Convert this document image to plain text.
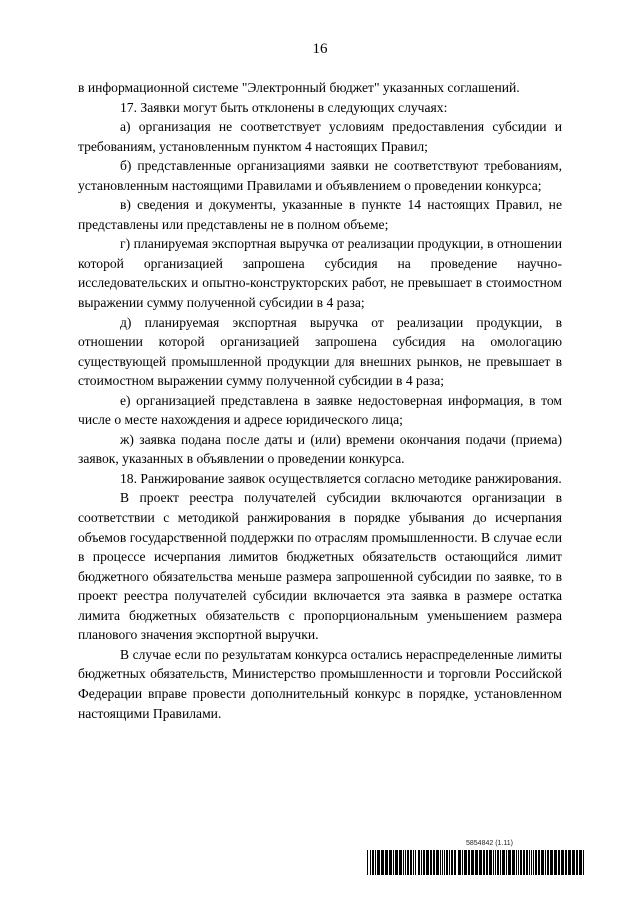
16

в информационной системе "Электронный бюджет" указанных соглашений.

17. Заявки могут быть отклонены в следующих случаях:

а) организация не соответствует условиям предоставления субсидии и требованиям, установленным пунктом 4 настоящих Правил;

б) представленные организациями заявки не соответствуют требованиям, установленным настоящими Правилами и объявлением о проведении конкурса;

в) сведения и документы, указанные в пункте 14 настоящих Правил, не представлены или представлены не в полном объеме;

г) планируемая экспортная выручка от реализации продукции, в отношении которой организацией запрошена субсидия на проведение научно-исследовательских и опытно-конструкторских работ, не превышает в стоимостном выражении сумму полученной субсидии в 4 раза;

д) планируемая экспортная выручка от реализации продукции, в отношении которой организацией запрошена субсидия на омологацию существующей промышленной продукции для внешних рынков, не превышает в стоимостном выражении сумму полученной субсидии в 4 раза;

е) организацией представлена в заявке недостоверная информация, в том числе о месте нахождения и адресе юридического лица;

ж) заявка подана после даты и (или) времени окончания подачи (приема) заявок, указанных в объявлении о проведении конкурса.

18. Ранжирование заявок осуществляется согласно методике ранжирования.

В проект реестра получателей субсидии включаются организации в соответствии с методикой ранжирования в порядке убывания до исчерпания объемов государственной поддержки по отраслям промышленности. В случае если в процессе исчерпания лимитов бюджетных обязательств остающийся лимит бюджетного обязательства меньше размера запрошенной субсидии по заявке, то в проект реестра получателей субсидии включается эта заявка в размере остатка лимита бюджетных обязательств с пропорциональным уменьшением размера планового значения экспортной выручки.

В случае если по результатам конкурса остались нераспределенные лимиты бюджетных обязательств, Министерство промышленности и торговли Российской Федерации вправе провести дополнительный конкурс в порядке, установленном настоящими Правилами.

5854842 (1.11)
